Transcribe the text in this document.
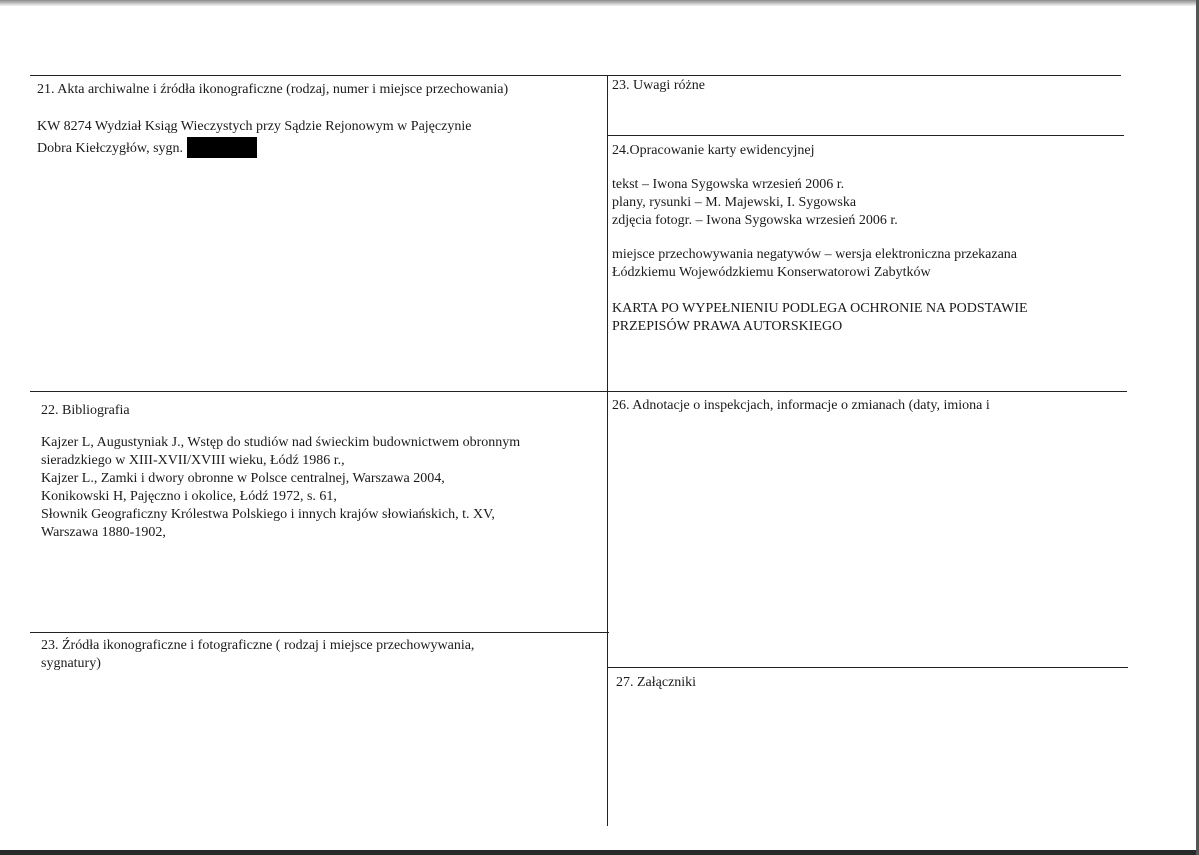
21. Akta archiwalne i źródła ikonograficzne (rodzaj, numer i miejsce przechowania)
KW 8274 Wydział Ksiąg Wieczystych przy Sądzie Rejonowym w Pajęczynie
Dobra Kiełczygłów, sygn.
22. Bibliografia
Kajzer L, Augustyniak J., Wstęp do studiów nad świeckim budownictwem obronnym
sieradzkiego w XIII-XVII/XVIII wieku, Łódź 1986 r.,
Kajzer L., Zamki i dwory obronne w Polsce centralnej, Warszawa 2004,
Konikowski H, Pajęczno i okolice, Łódź 1972, s. 61,
Słownik Geograficzny Królestwa Polskiego i innych krajów słowiańskich, t. XV,
Warszawa 1880-1902,
23. Źródła ikonograficzne i fotograficzne ( rodzaj i miejsce przechowywania,
sygnatury)
23. Uwagi różne
24.Opracowanie karty ewidencyjnej
tekst – Iwona Sygowska wrzesień 2006 r.
plany, rysunki – M. Majewski, I. Sygowska
zdjęcia fotogr. – Iwona Sygowska wrzesień 2006 r.
miejsce przechowywania negatywów – wersja elektroniczna przekazana
Łódzkiemu Wojewódzkiemu Konserwatorowi Zabytków
KARTA PO WYPEŁNIENIU PODLEGA OCHRONIE NA PODSTAWIE
PRZEPISÓW PRAWA AUTORSKIEGO
26. Adnotacje o inspekcjach, informacje o zmianach (daty, imiona i
27. Załączniki
